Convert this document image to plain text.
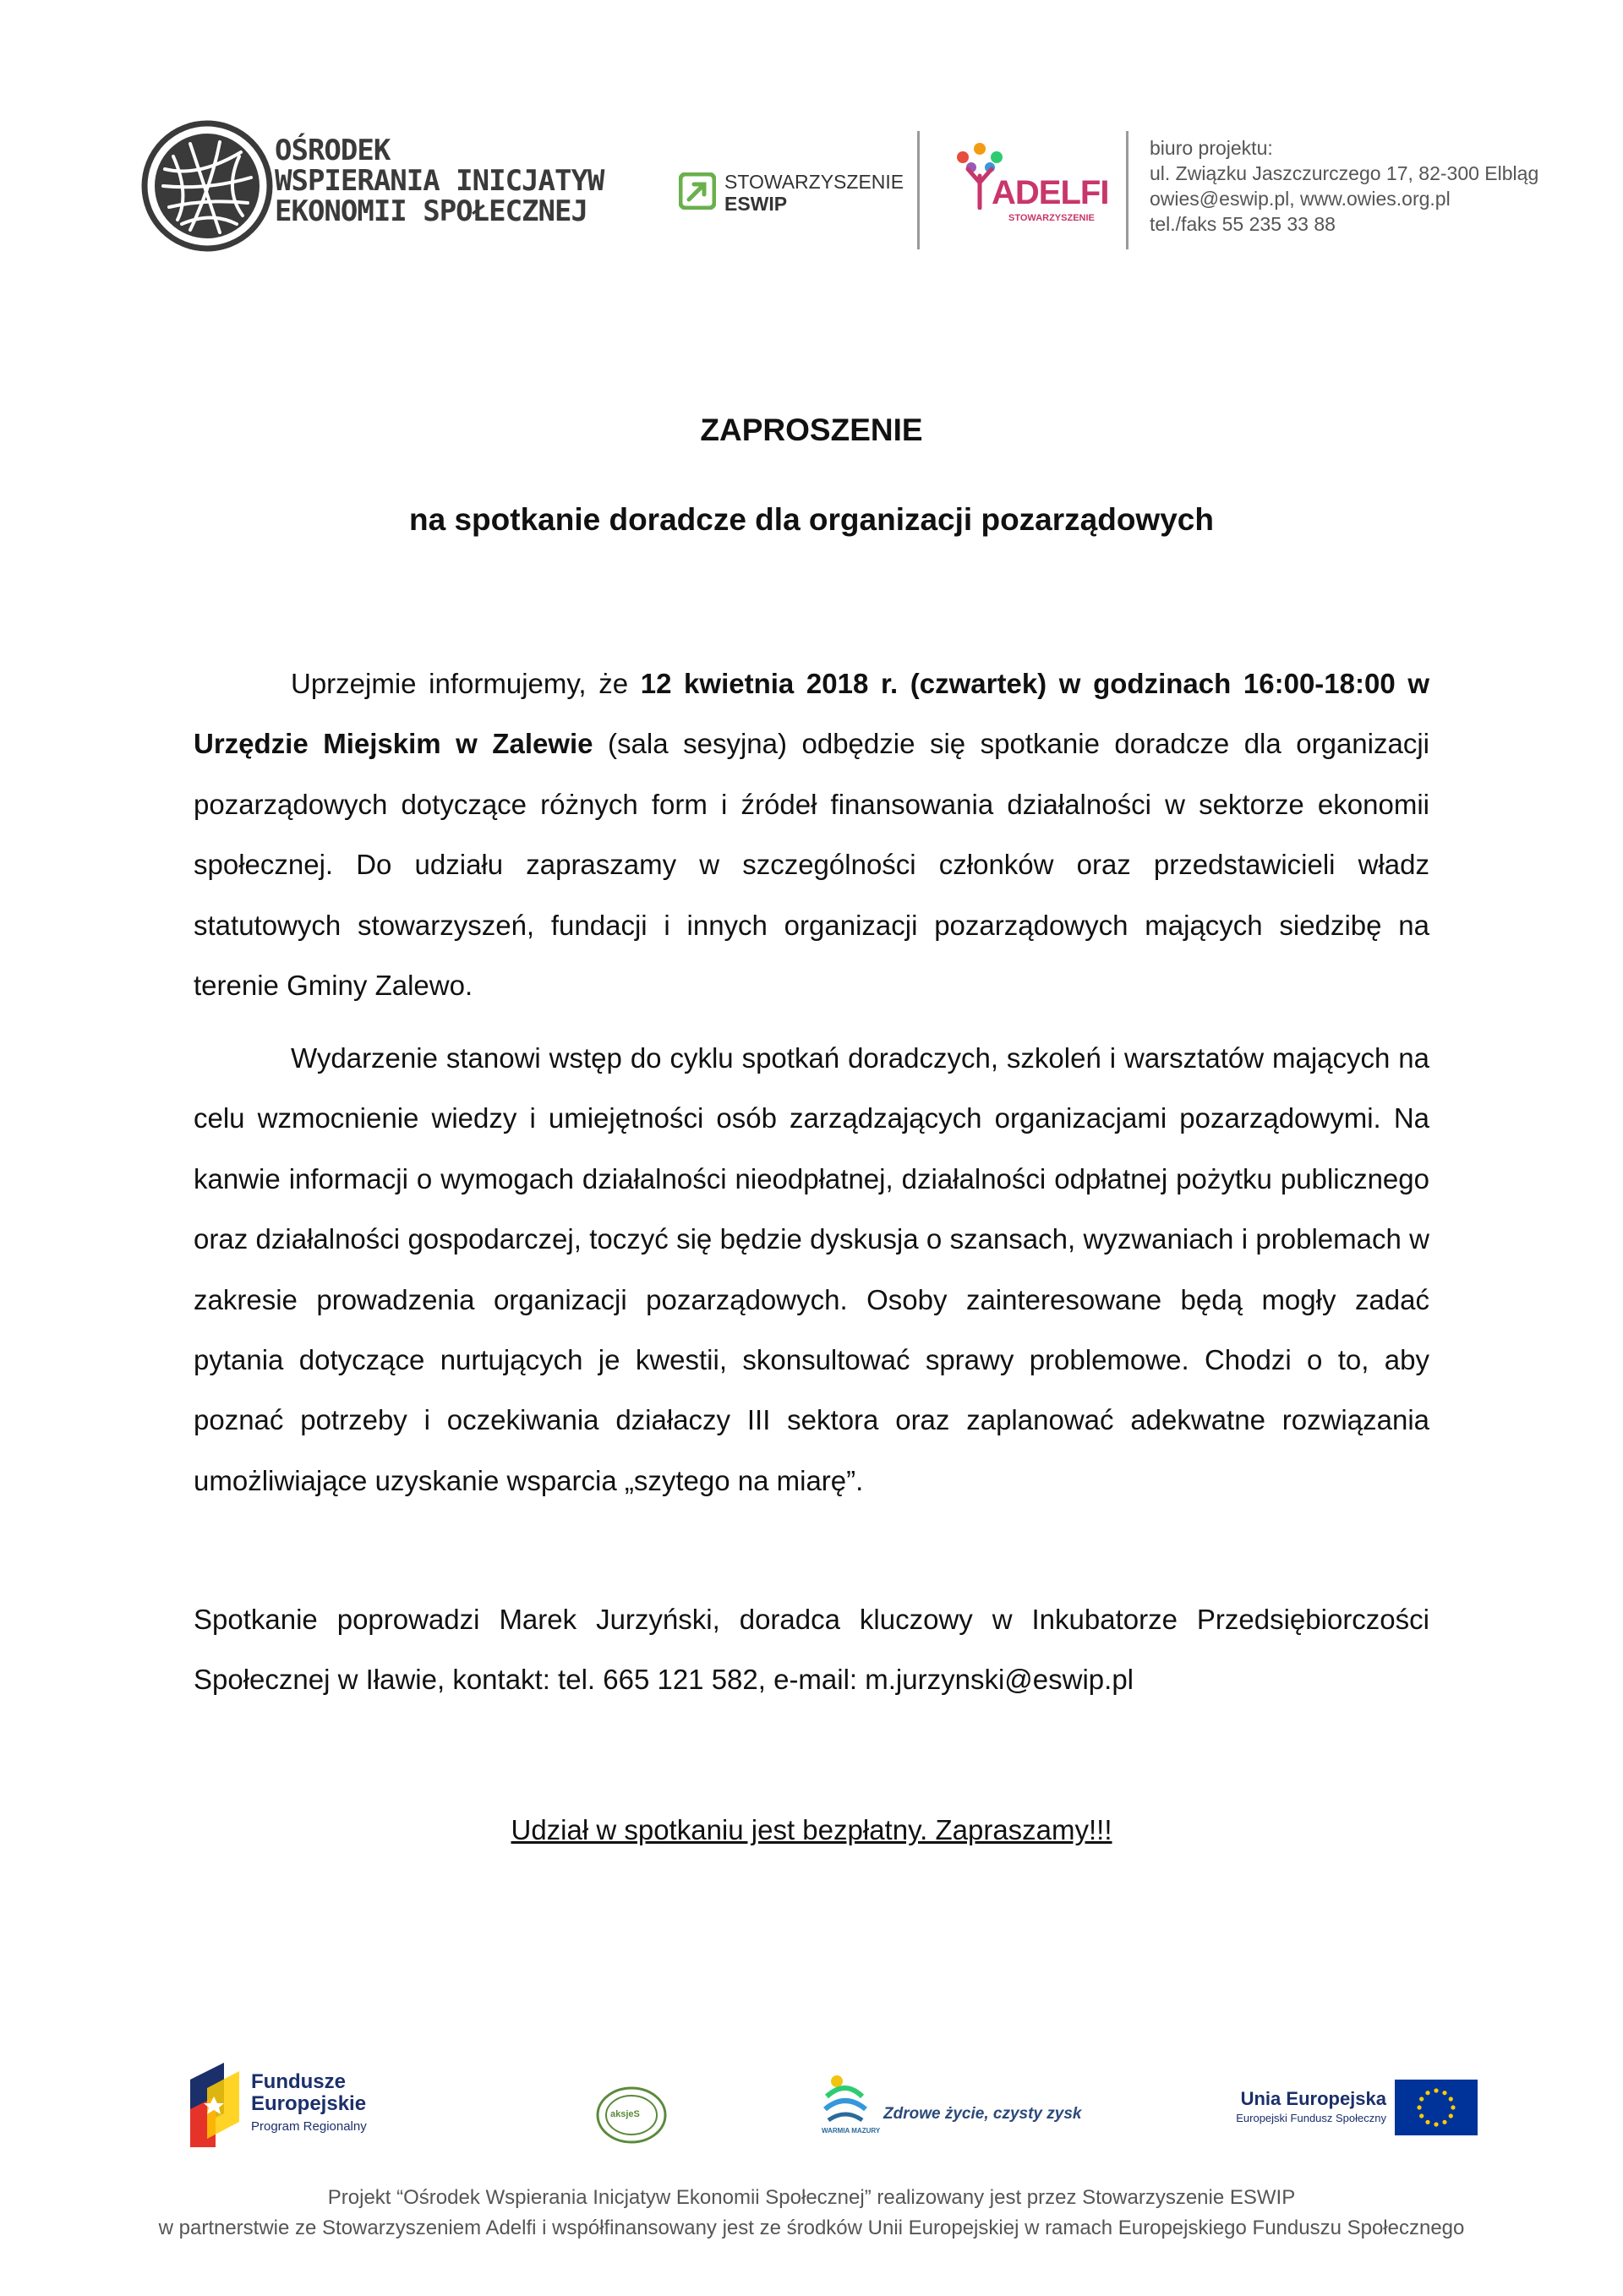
OŚRODEK
WSPIERANIA INICJATYW
EKONOMII SPOŁECZNEJ
STOWARZYSZENIE
ESWIP	ADELFI
STOWARZYSZENIE
biuro projektu:
ul. Związku Jaszczurczego 17, 82-300 Elbląg
owies@eswip.pl, www.owies.org.pl
tel./faks 55 235 33 88
ZAPROSZENIE
na spotkanie doradcze dla organizacji pozarządowych

Uprzejmie informujemy, że 12 kwietnia 2018 r. (czwartek) w godzinach 16:00-18:00 w Urzędzie Miejskim w Zalewie (sala sesyjna) odbędzie się spotkanie doradcze dla organizacji pozarządowych dotyczące różnych form i źródeł finansowania działalności w sektorze ekonomii społecznej. Do udziału zapraszamy w szczególności członków oraz przedstawicieli władz statutowych stowarzyszeń, fundacji i innych organizacji pozarządowych mających siedzibę na terenie Gminy Zalewo.

Wydarzenie stanowi wstęp do cyklu spotkań doradczych, szkoleń i warsztatów mających na celu wzmocnienie wiedzy i umiejętności osób zarządzających organizacjami pozarządowymi. Na kanwie informacji o wymogach działalności nieodpłatnej, działalności odpłatnej pożytku publicznego oraz działalności gospodarczej, toczyć się będzie dyskusja o szansach, wyzwaniach i problemach w zakresie prowadzenia organizacji pozarządowych. Osoby zainteresowane będą mogły zadać pytania dotyczące nurtujących je kwestii, skonsultować sprawy problemowe. Chodzi o to, aby poznać potrzeby i oczekiwania działaczy III sektora oraz zaplanować adekwatne rozwiązania umożliwiające uzyskanie wsparcia „szytego na miarę”.

Spotkanie poprowadzi Marek Jurzyński, doradca kluczowy w Inkubatorze Przedsiębiorczości Społecznej w Iławie, kontakt: tel. 665 121 582, e-mail: m.jurzynski@eswip.pl

Udział w spotkaniu jest bezpłatny. Zapraszamy!!!
Fundusze
Europejskie
Program Regionalny
aksjeS
WARMIA MAZURY
Zdrowe życie, czysty zysk
Unia Europejska
Europejski Fundusz Społeczny
Projekt “Ośrodek Wspierania Inicjatyw Ekonomii Społecznej” realizowany jest przez Stowarzyszenie ESWIP
w partnerstwie ze Stowarzyszeniem Adelfi i współfinansowany jest ze środków Unii Europejskiej w ramach Europejskiego Funduszu Społecznego
